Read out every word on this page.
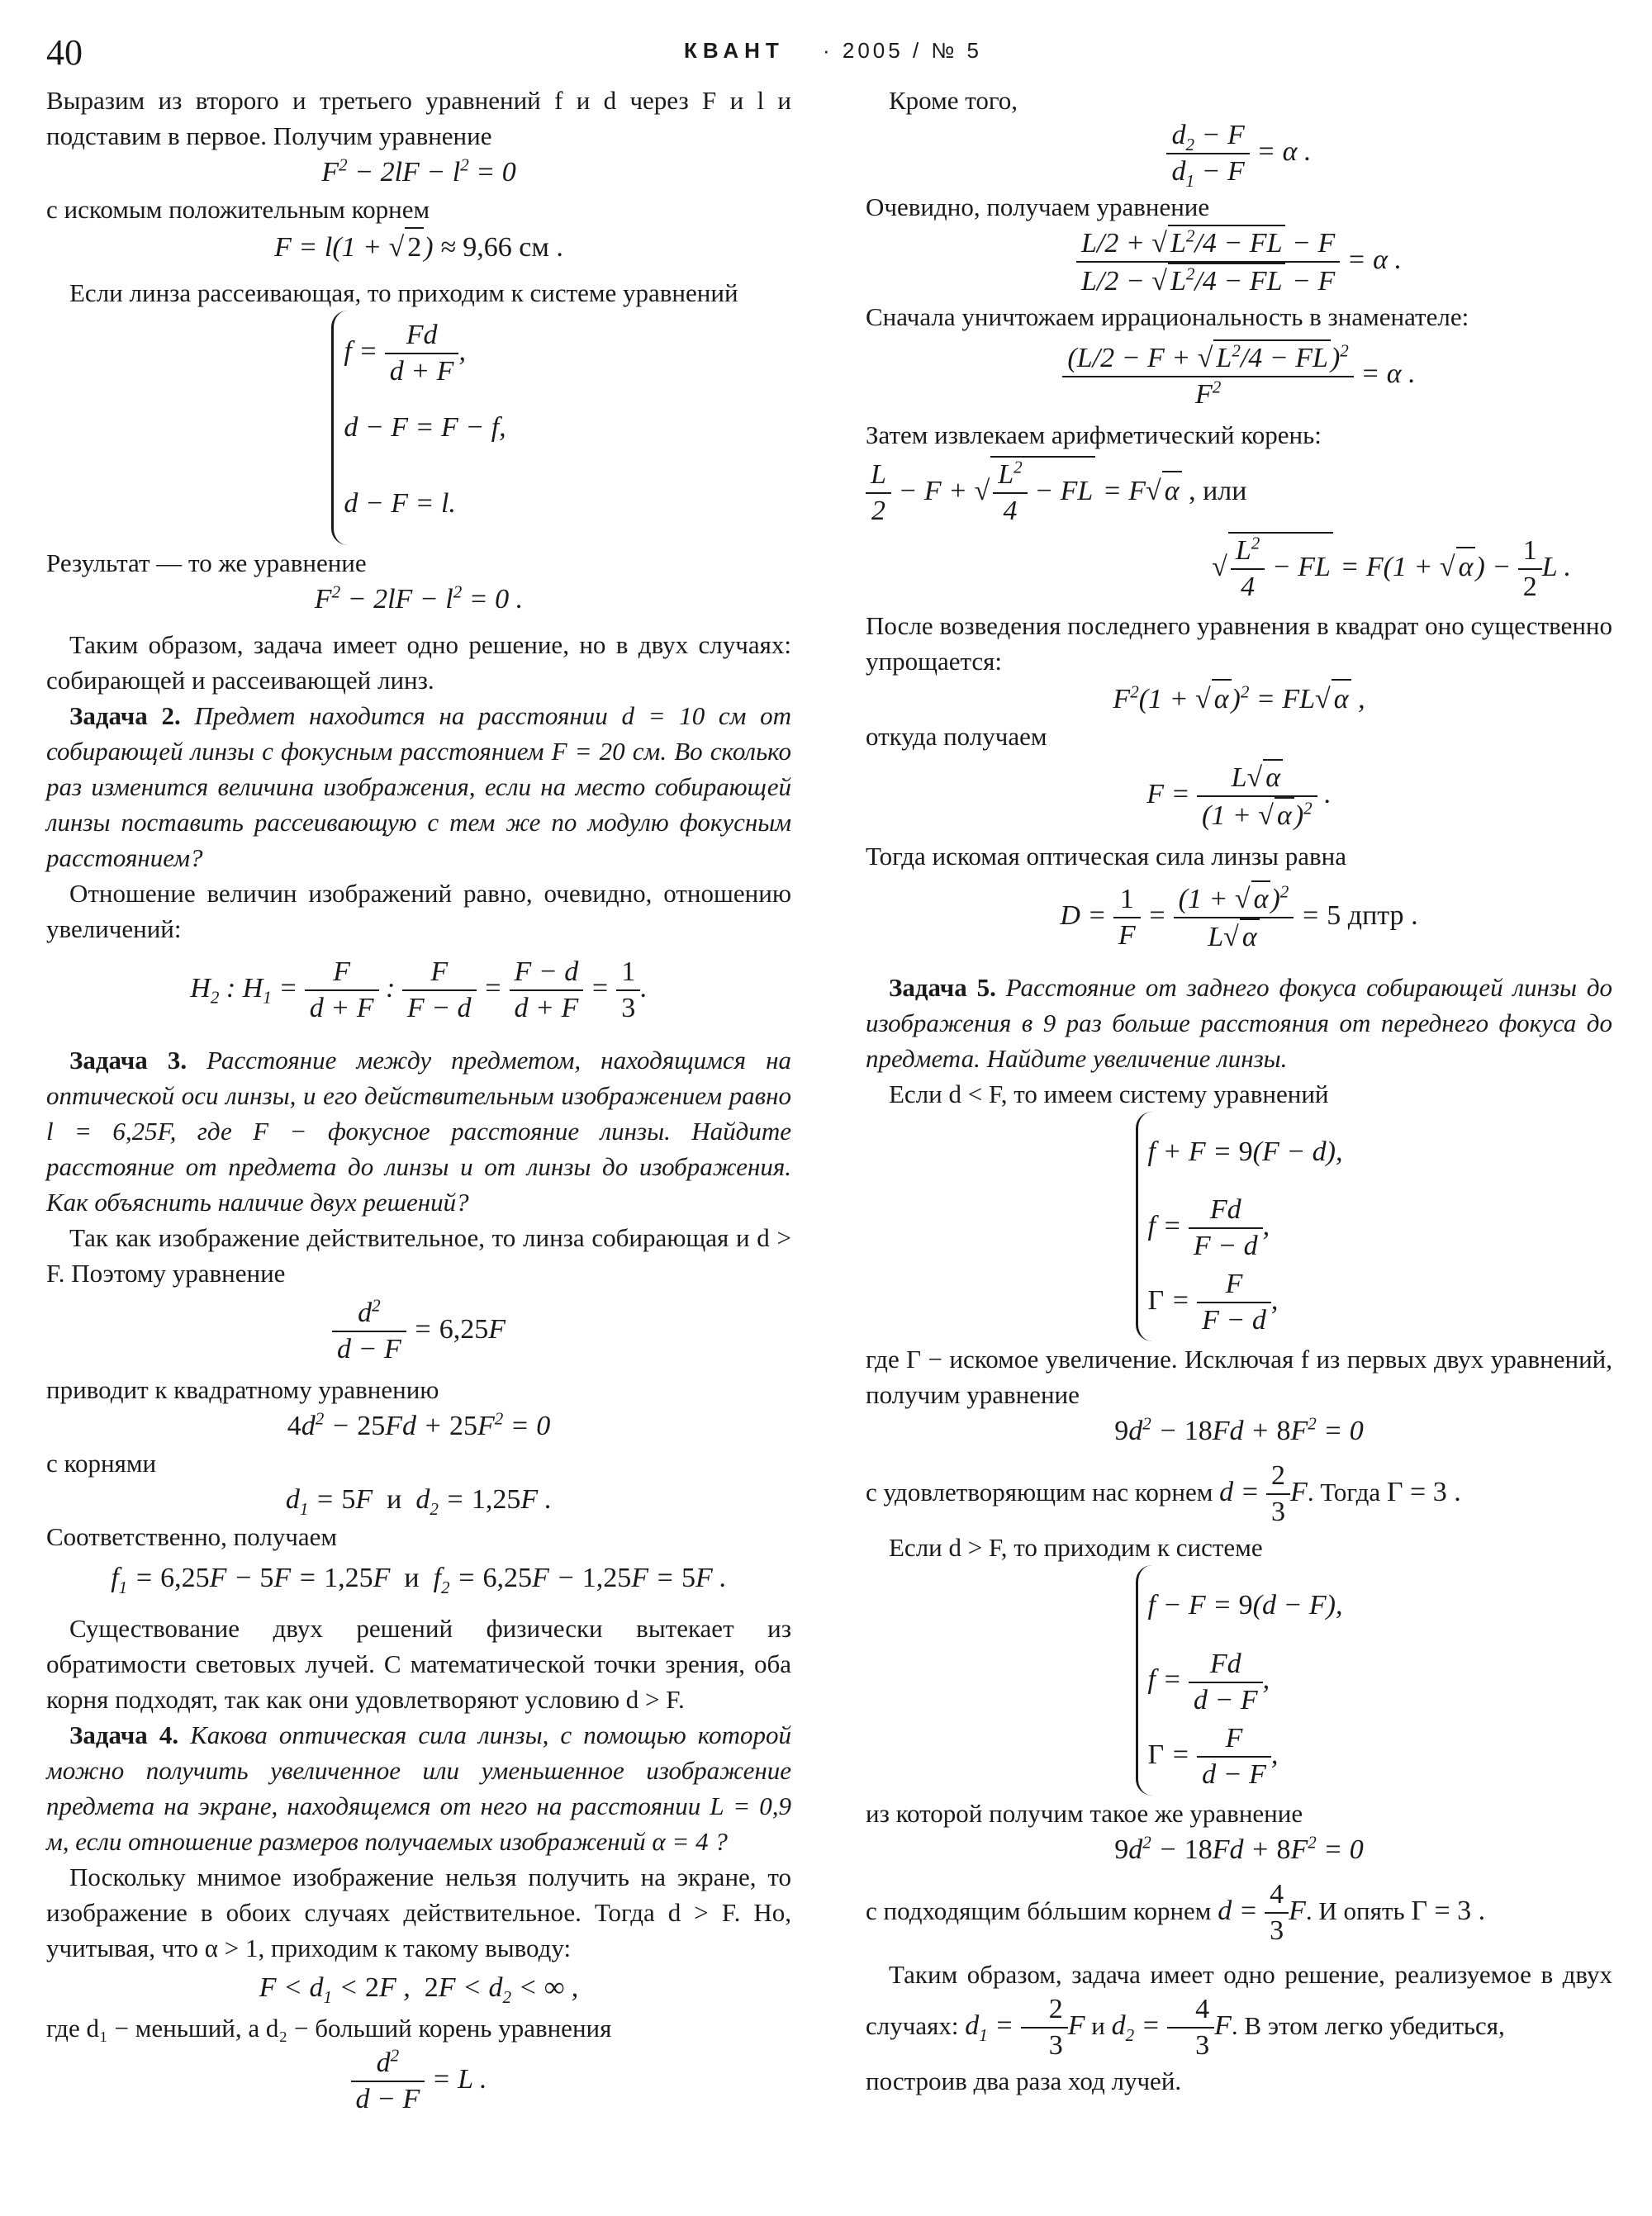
40	КВАНТ · 2005 / № 5

Выразим из второго и третьего уравнений f и d через F и l и подставим в первое. Получим уравнение

$F^2 - 2lF - l^2 = 0$

с искомым положительным корнем

F = l(1 + √ 2) ≈ 9,66 см .

Если линза рассеивающая, то приходим к системе уравнений

$f = \frac{Fd}{d + F}$ ,
d − F = F − f,
d − F = l.

Результат — то же уравнение

$F^2 - 2lF - l^2 = 0$ .

Таким образом, задача имеет одно решение, но в двух случаях: собирающей и рассеивающей линз.

Задача 2. Предмет находится на расстоянии d = 10 см от собирающей линзы с фокусным расстоянием F = 20 см. Во сколько раз изменится величина изображения, если на место собирающей линзы поставить рассеивающую с тем же по модулю фокусным расстоянием?

Отношение величин изображений равно, очевидно, отношению увеличений:

$H_2$ : $H_1 = \frac{F}{d + F}$ : $\frac{F}{F - d} = \frac{F - d}{d + F} = \frac{1}{3}$ .

Задача 3. Расстояние между предметом, находящимся на оптической оси линзы, и его действительным изображением равно l = 6,25F, где F − фокусное расстояние линзы. Найдите расстояние от предмета до линзы и от линзы до изображения. Как объяснить наличие двух решений?

Так как изображение действительное, то линза собирающая и d > F. Поэтому уравнение

$\frac{d^2}{d - F} = 6,25F$

приводит к квадратному уравнению

$4d^2 - 25Fd + 25F^2 = 0$

с корнями

$d_1 = 5F$  и  $d_2 = 1,25F$ .

Соответственно, получаем

$f_1 = 6,25F - 5F = 1,25F$  и  $f_2 = 6,25F - 1,25F = 5F$ .

Существование двух решений физически вытекает из обратимости световых лучей. С математической точки зрения, оба корня подходят, так как они удовлетворяют условию d > F.

Задача 4. Какова оптическая сила линзы, с помощью которой можно получить увеличенное или уменьшенное изображение предмета на экране, находящемся от него на расстоянии L = 0,9 м, если отношение размеров получаемых изображений α = 4 ?

Поскольку мнимое изображение нельзя получить на экране, то изображение в обоих случаях действительное. Тогда d > F. Но, учитывая, что α > 1, приходим к такому выводу:

$F < d_1 < 2F$ ,  $2F < d_2$ < ∞ ,

где d₁ − меньший, а d₂ − больший корень уравнения

$\frac{d^2}{d - F} = L$ .

Кроме того,

$\frac{d_2 - F}{d_1 - F} = \alpha$ .

Очевидно, получаем уравнение

$\frac{L/2 + √ L^2/4 - FL - F}{L/2 - √ L^2/4 - FL - F} = \alpha$ .

Сначала уничтожаем иррациональность в знаменателе:

$\frac{(L/2 - F + √ L^2/4 - FL)^2}{F^2} = \alpha$ .

Затем извлекаем арифметический корень:

$\frac{L}{2} - F$ + √ $\frac{L^2}{4}$ − FL = F√ α , или
√ $\frac{L^2}{4}$ − FL = F(1 + √ $\alpha) - \frac{1}{2}$ L .

После возведения последнего уравнения в квадрат оно существенно упрощается:

$F^2(1$ + √ α)$^2$ = FL√ α ,

откуда получаем

$F = \frac{L√ \alpha}{(1 + √ \alpha)^2}$ .

Тогда искомая оптическая сила линзы равна

$D = \frac{1}{F} = \frac{(1 + √ \alpha)^2}{L√ \alpha} = 5$ дптр .

Задача 5. Расстояние от заднего фокуса собирающей линзы до изображения в 9 раз больше расстояния от переднего фокуса до предмета. Найдите увеличение линзы.

Если d < F, то имеем систему уравнений

f + F = 9(F − d),
$f = \frac{Fd}{F - d}$ ,
$\Gamma = \frac{F}{F - d}$ ,

где Γ − искомое увеличение. Исключая f из первых двух уравнений, получим уравнение

$9d^2 - 18Fd + 8F^2 = 0$

с удовлетворяющим нас корнем $d = \frac{2}{3} F$. Тогда Γ = 3 .

Если d > F, то приходим к системе

f − F = 9(d − F),
$f = \frac{Fd}{d - F}$ ,
$\Gamma = \frac{F}{d - F}$ ,

из которой получим такое же уравнение

$9d^2 - 18Fd + 8F^2 = 0$

с подходящим бóльшим корнем $d = \frac{4}{3} F$. И опять Γ = 3 .

Таким образом, задача имеет одно решение, реализуемое в двух случаях: $d_1 = \frac{2}{3}$ F и $d_2 = \frac{4}{3} F$. В этом легко убедиться,

построив два раза ход лучей.
